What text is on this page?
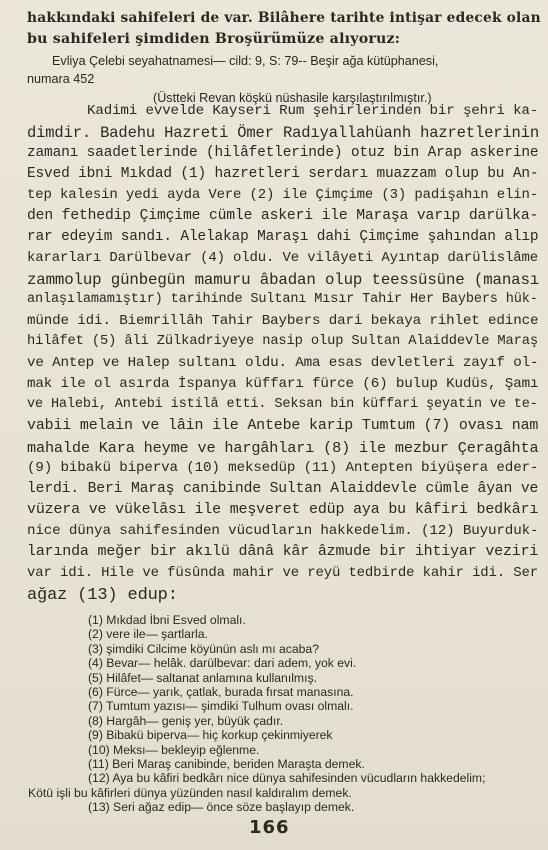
hakkındaki sahifeleri de var. Bilâhere tarihte intişar edecek olan
bu sahifeleri şimdiden Broşürümüze alıyoruz:
Evliya Çelebi seyahatnamesi— cild: 9, S: 79-- Beşir ağa kütüphanesi,
numara 452
(Üstteki Revan köşkü nüshasile karşılaştırılmıştır.)
Kadimi evvelde Kayseri Rum şehirlerinden bir şehri ka-
dimdir. Badehu Hazreti Ömer Radıyallahüanh hazretlerinin
zamanı saadetlerinde (hilâfetlerinde) otuz bin Arap askerine
Esved ibni Mıkdad (1) hazretleri serdarı muazzam olup bu An-
tep kalesin yedi ayda Vere (2) ile Çimçime (3) padişahın elin-
den fethedip Çimçime cümle askeri ile Maraşa varıp darülka-
rar edeyim sandı. Alelakap Maraşı dahi Çimçime şahından alıp
kararları Darülbevar (4) oldu. Ve vilâyeti Ayıntap darülislâme
zammolup günbegün mamuru âbadan olup teessüsüne (manası
anlaşılamamıştır) tarihinde Sultanı Mısır Tahir Her Baybers hük-
münde idi. Biemrillâh Tahir Baybers dari bekaya rihlet edince
hilâfet (5) âli Zülkadriyeye nasip olup Sultan Alaiddevle Maraş
ve Antep ve Halep sultanı oldu. Ama esas devletleri zayıf ol-
mak ile ol asırda İspanya küffarı fürce (6) bulup Kudüs, Şamı
ve Halebi, Antebi istilâ etti. Seksan bin küffari şeyatin ve te-
vabii melain ve lâin ile Antebe karip Tumtum (7) ovası nam
mahalde Kara heyme ve hargâhları (8) ile mezbur Çeragâhta
(9) bibakü biperva (10) meksedüp (11) Antepten biyüşera eder-
lerdi. Beri Maraş canibinde Sultan Alaiddevle cümle âyan ve
vüzera ve vükelâsı ile meşveret edüp aya bu kâfiri bedkârı
nice dünya sahifesinden vücudların hakkedelim. (12) Buyurduk-
larında meğer bir akılü dânâ kâr âzmude bir ihtiyar veziri
var idi. Hile ve füsûnda mahir ve reyü tedbirde kahir idi. Ser
ağaz (13) edup:
(1) Mıkdad İbni Esved olmalı.
(2) vere ile— şartlarla.
(3) şimdiki Cilcime köyünün aslı mı acaba?
(4) Bevar— helâk. darülbevar: dari adem, yok evi.
(5) Hilâfet— saltanat anlamına kullanılmış.
(6) Fürce— yarık, çatlak, burada fırsat manasına.
(7) Tumtum yazısı— şimdiki Tulhum ovası olmalı.
(8) Hargâh— geniş yer, büyük çadır.
(9) Bibakü biperva— hiç korkup çekinmiyerek
(10) Meksı— bekleyip eğlenme.
(11) Beri Maraş canibinde, beriden Maraşta demek.
(12) Aya bu kâfiri bedkârı nice dünya sahifesinden vücudların hakkedelim;
Kötü işli bu kâfirleri dünya yüzünden nasıl kaldıralım demek.
(13) Seri ağaz edip— önce söze başlayıp demek.
166
